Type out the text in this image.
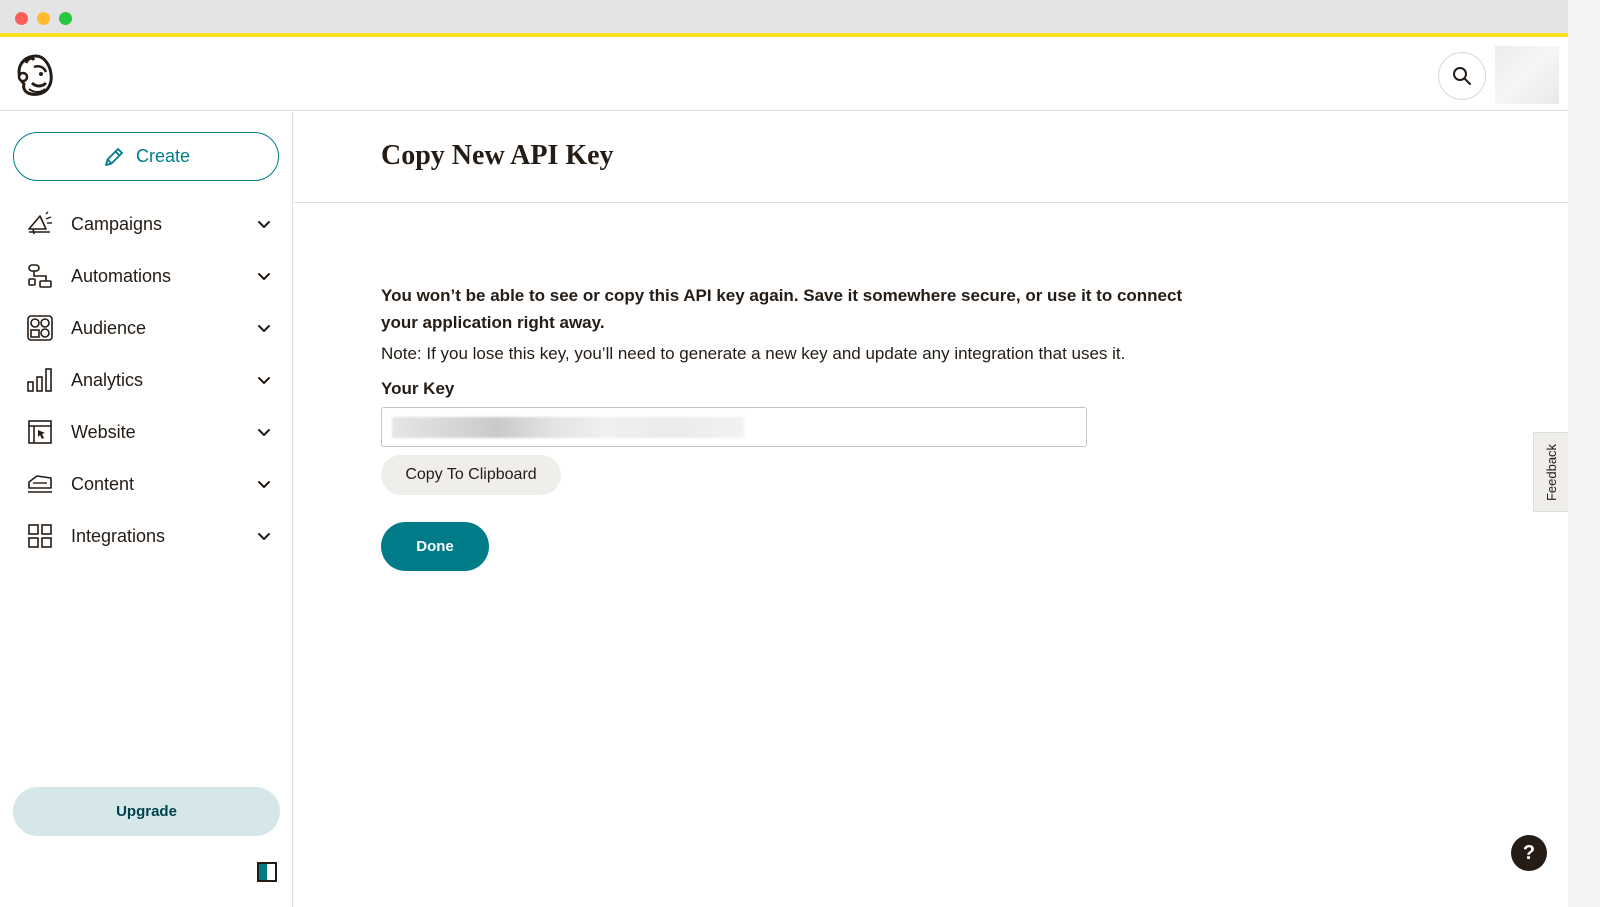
Create
Campaigns
Automations
Audience
Analytics
Website
Content
Integrations
Upgrade
Copy New API Key

You won’t be able to see or copy this API key again. Save it somewhere secure, or use it to connect your application right away.

Note: If you lose this key, you’ll need to generate a new key and update any integration that uses it.

Your Key
Copy To Clipboard
Done
Feedback
?
